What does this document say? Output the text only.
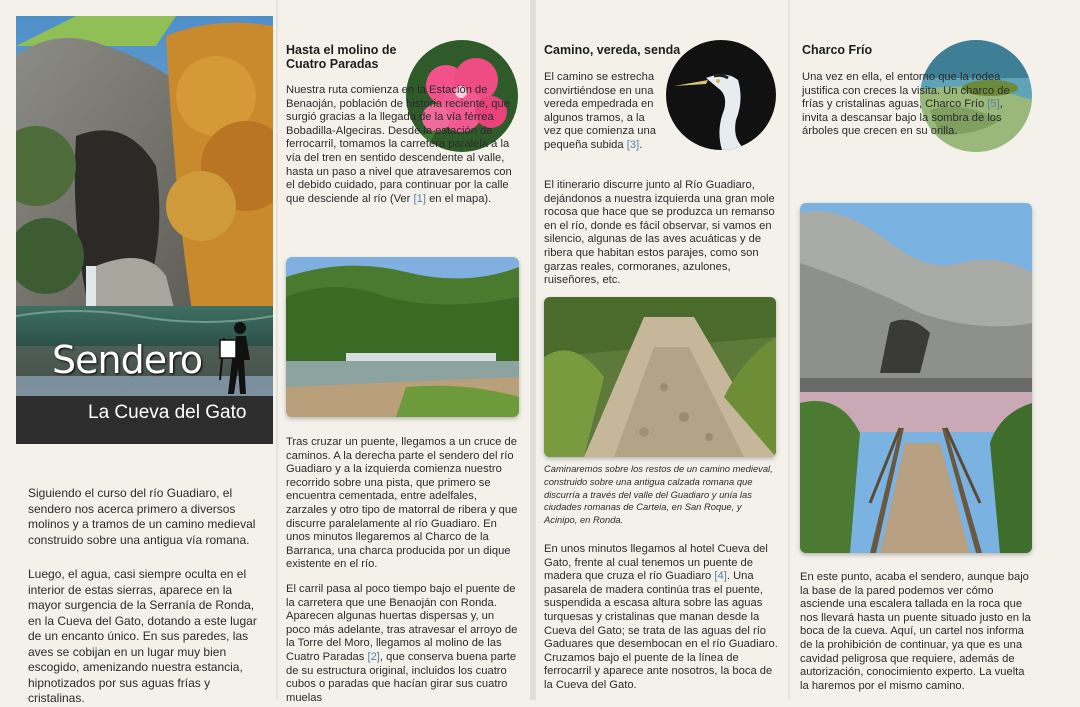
Sendero
La Cueva del Gato

Siguiendo el curso del río Guadiaro, el sendero nos acerca primero a diversos molinos y a tramos de un camino medieval construido sobre una antigua vía romana.

Luego, el agua, casi siempre oculta en el interior de estas sierras, aparece en la mayor surgencia de la Serranía de Ronda, en la Cueva del Gato, dotando a este lugar de un encanto único. En sus paredes, las aves se cobijan en un lugar muy bien escogido, amenizando nuestra estancia, hipnotizados por sus aguas frías y cristalinas.

Hasta el molino de Cuatro Paradas

Nuestra ruta comienza en la Estación de Benaoján, población de historia reciente, que surgió gracias a la llegada de la vía férrea Bobadilla-Algeciras. Desde la estación de ferrocarril, tomamos la carretera paralela a la vía del tren en sentido descendente al valle, hasta un paso a nivel que atravesaremos con el debido cuidado, para continuar por la calle que desciende al río (Ver [1] en el mapa).

Tras cruzar un puente, llegamos a un cruce de caminos. A la derecha parte el sendero del río Guadiaro y a la izquierda comienza nuestro recorrido sobre una pista, que primero se encuentra cementada, entre adelfales, zarzales y otro tipo de matorral de ribera y que discurre paralelamente al río Guadiaro. En unos minutos llegaremos al Charco de la Barranca, una charca producida por un dique existente en el río.

El carril pasa al poco tiempo bajo el puente de la carretera que une Benaoján con Ronda. Aparecen algunas huertas dispersas y, un poco más adelante, tras atravesar el arroyo de la Torre del Moro, llegamos al molino de las Cuatro Paradas [2], que conserva buena parte de su estructura original, incluidos los cuatro cubos o paradas que hacían girar sus cuatro muelas

Camino, vereda, senda

El camino se estrecha convirtiéndose en una vereda empedrada en algunos tramos, a la vez que comienza una pequeña subida [3].

El itinerario discurre junto al Río Guadiaro, dejándonos a nuestra izquierda una gran mole rocosa que hace que se produzca un remanso en el río, donde es fácil observar, si vamos en silencio, algunas de las aves acuáticas y de ribera que habitan estos parajes, como son garzas reales, cormoranes, azulones, ruiseñores, etc.

Caminaremos sobre los restos de un camino medieval, construido sobre una antigua calzada romana que discurría a través del valle del Guadiaro y unía las ciudades romanas de Carteia, en San Roque, y Acinipo, en Ronda.

En unos minutos llegamos al hotel Cueva del Gato, frente al cual tenemos un puente de madera que cruza el río Guadiaro [4]. Una pasarela de madera continúa tras el puente, suspendida a escasa altura sobre las aguas turquesas y cristalinas que manan desde la Cueva del Gato; se trata de las aguas del río Gaduares que desembocan en el río Guadiaro. Cruzamos bajo el puente de la línea de ferrocarril y aparece ante nosotros, la boca de la Cueva del Gato.

Charco Frío

Una vez en ella, el entorno que la rodea justifica con creces la visita. Un charco de frías y cristalinas aguas, Charco Frío [5], invita a descansar bajo la sombra de los árboles que crecen en su orilla.

En este punto, acaba el sendero, aunque bajo la base de la pared podemos ver cómo asciende una escalera tallada en la roca que nos llevará hasta un puente situado justo en la boca de la cueva. Aquí, un cartel nos informa de la prohibición de continuar, ya que es una cavidad peligrosa que requiere, además de autorización, conocimiento experto. La vuelta la haremos por el mismo camino.
